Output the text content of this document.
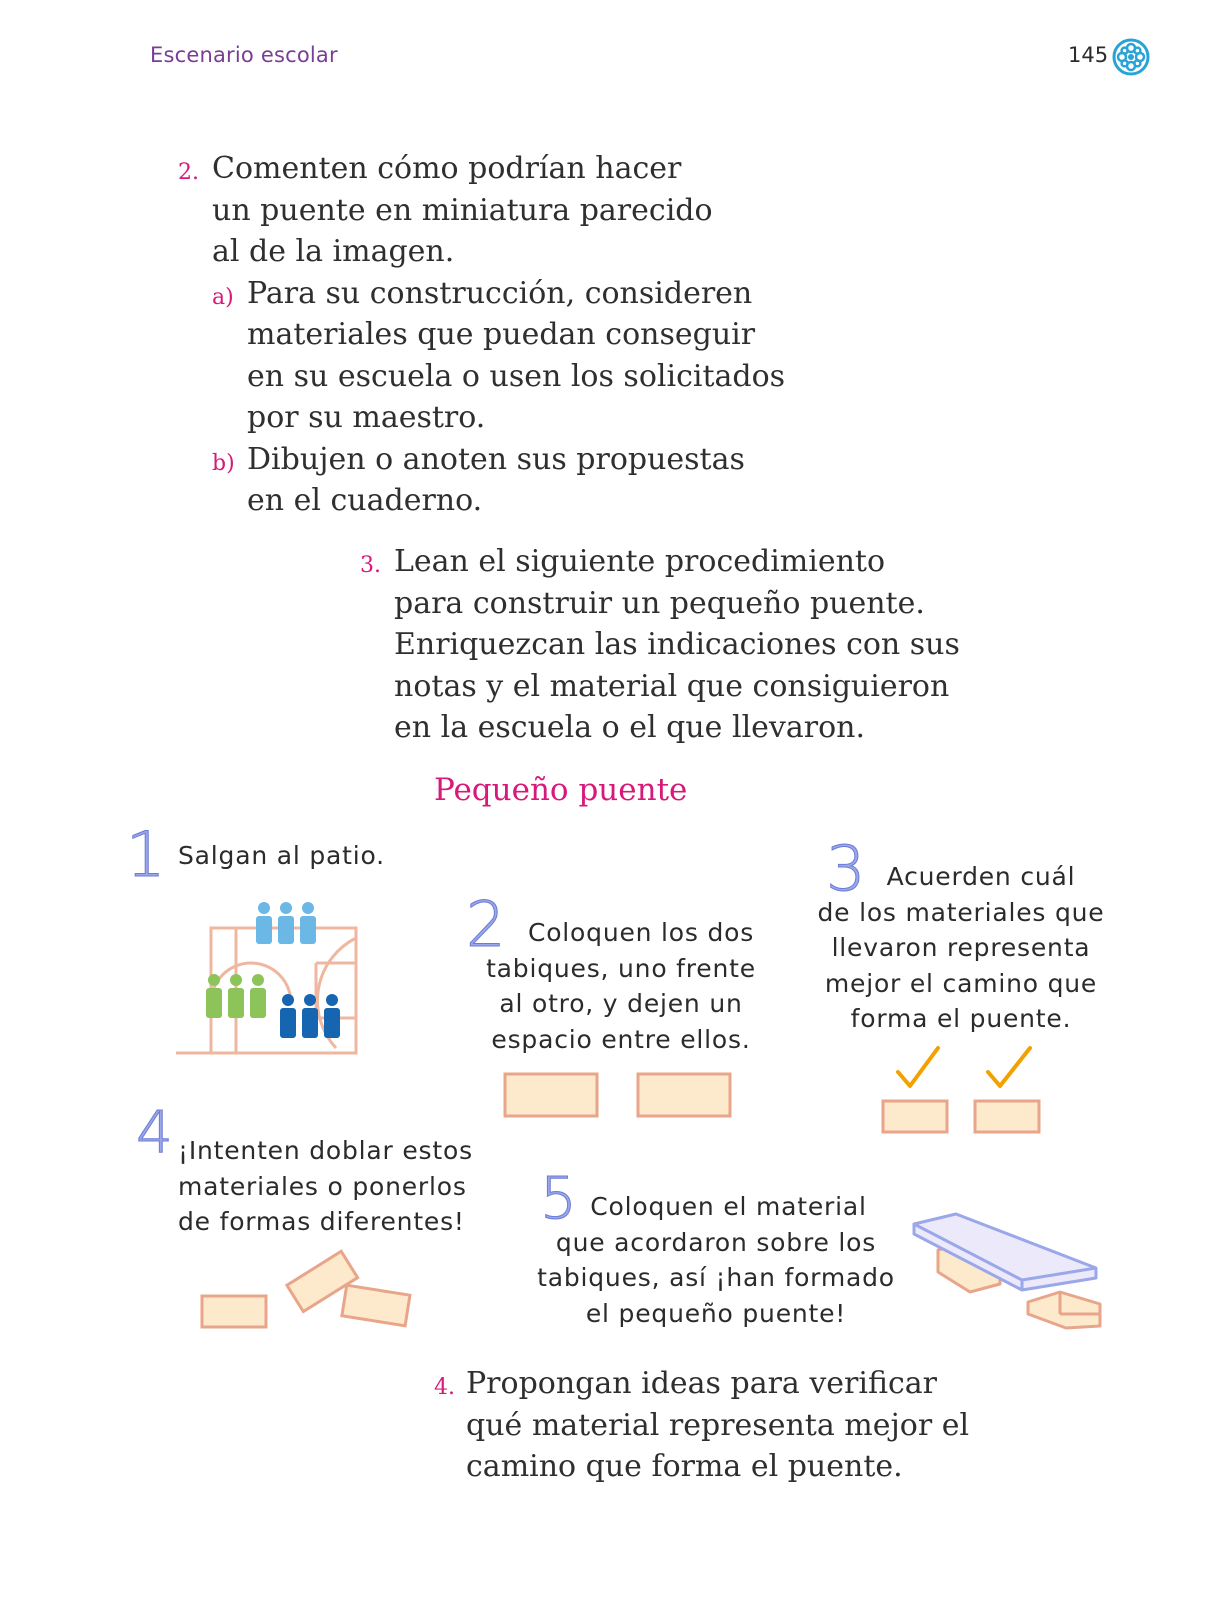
Escenario escolar	145
2. Comenten cómo podrían hacer
un puente en miniatura parecido
al de la imagen.
a) Para su construcción, consideren
materiales que puedan conseguir
en su escuela o usen los solicitados
por su maestro.
b) Dibujen o anoten sus propuestas
en el cuaderno.
3. Lean el siguiente procedimiento
para construir un pequeño puente.
Enriquezcan las indicaciones con sus
notas y el material que consiguieron
en la escuela o el que llevaron.
Pequeño puente
1 Salgan al patio.
2 Coloquen los dos
tabiques, uno frente
al otro, y dejen un
espacio entre ellos.
3 Acuerden cuál
de los materiales que
llevaron representa
mejor el camino que
forma el puente.
4 ¡Intenten doblar estos
materiales o ponerlos
de formas diferentes! 5 Coloquen el material
que acordaron sobre los
tabiques, así ¡han formado
el pequeño puente!
4. Propongan ideas para verificar
qué material representa mejor el
camino que forma el puente.
